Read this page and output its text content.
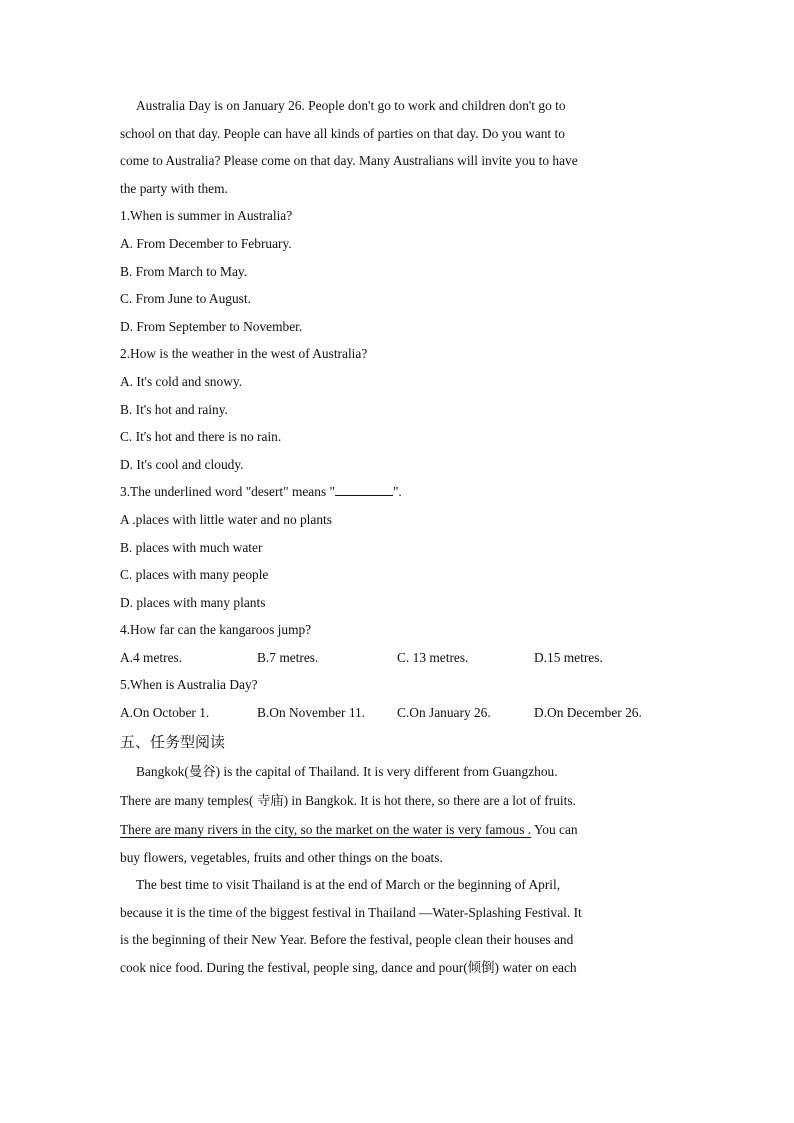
Australia Day is on January 26. People don't go to work and children don't go to
school on that day. People can have all kinds of parties on that day. Do you want to
come to Australia? Please come on that day. Many Australians will invite you to have
the party with them.
1.When is summer in Australia?
A. From December to February.
B. From March to May.
C. From June to August.
D. From September to November.
2.How is the weather in the west of Australia?
A. It's cold and snowy.
B. It's hot and rainy.
C. It's hot and there is no rain.
D. It's cool and cloudy.
3.The underlined word "desert" means "	".
A .places with little water and no plants
B. places with much water
C. places with many people
D. places with many plants
4.How far can the kangaroos jump?
A.4 metres.	B.7 metres.	C. 13 metres.	D.15 metres.
5.When is Australia Day?
A.On October 1.	B.On November 11. C.On January 26.	D.On December 26.
五、任务型阅读
Bangkok(曼谷) is the capital of Thailand. It is very different from Guangzhou.
There are many temples( 寺庙) in Bangkok. It is hot there, so there are a lot of fruits.
There are many rivers in the city, so the market on the water is very famous . You can
buy flowers, vegetables, fruits and other things on the boats.
The best time to visit Thailand is at the end of March or the beginning of April,
because it is the time of the biggest festival in Thailand —Water-Splashing Festival. It
is the beginning of their New Year. Before the festival, people clean their houses and
cook nice food. During the festival, people sing, dance and pour(倾倒) water on each
